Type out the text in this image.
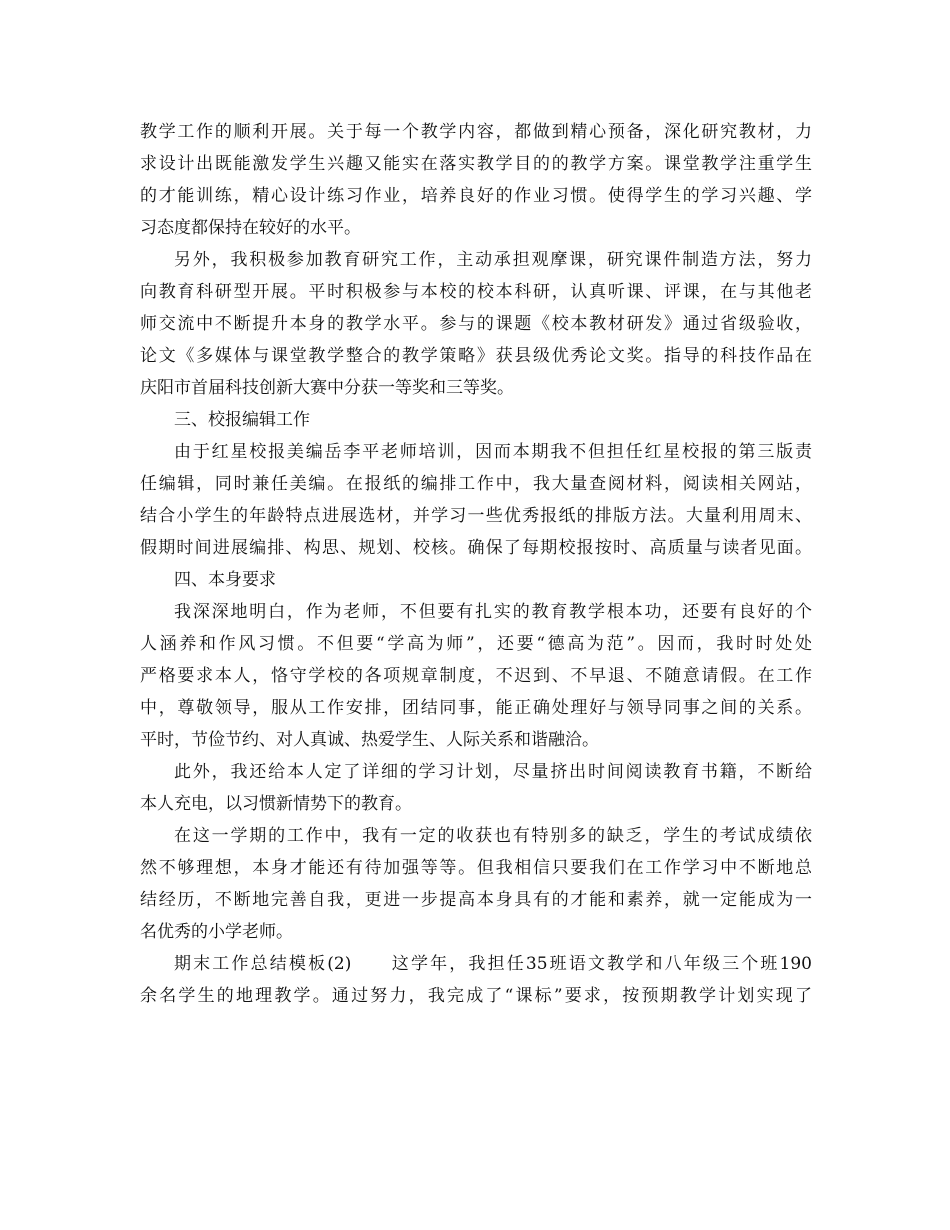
教学工作的顺利开展。关于每一个教学内容，都做到精心预备，深化研究教材，力
求设计出既能激发学生兴趣又能实在落实教学目的的教学方案。课堂教学注重学生
的才能训练，精心设计练习作业，培养良好的作业习惯。使得学生的学习兴趣、学
习态度都保持在较好的水平。
另外，我积极参加教育研究工作，主动承担观摩课，研究课件制造方法，努力
向教育科研型开展。平时积极参与本校的校本科研，认真听课、评课，在与其他老
师交流中不断提升本身的教学水平。参与的课题《校本教材研发》通过省级验收，
论文《多媒体与课堂教学整合的教学策略》获县级优秀论文奖。指导的科技作品在
庆阳市首届科技创新大赛中分获一等奖和三等奖。
三、校报编辑工作
由于红星校报美编岳李平老师培训，因而本期我不但担任红星校报的第三版责
任编辑，同时兼任美编。在报纸的编排工作中，我大量查阅材料，阅读相关网站，
结合小学生的年龄特点进展选材，并学习一些优秀报纸的排版方法。大量利用周末、
假期时间进展编排、构思、规划、校核。确保了每期校报按时、高质量与读者见面。
四、本身要求
我深深地明白，作为老师，不但要有扎实的教育教学根本功，还要有良好的个
人涵养和作风习惯。不但要“学高为师”，还要“德高为范”。因而，我时时处处
严格要求本人，恪守学校的各项规章制度，不迟到、不早退、不随意请假。在工作
中，尊敬领导，服从工作安排，团结同事，能正确处理好与领导同事之间的关系。
平时，节俭节约、对人真诚、热爱学生、人际关系和谐融洽。
此外，我还给本人定了详细的学习计划，尽量挤出时间阅读教育书籍，不断给
本人充电，以习惯新情势下的教育。
在这一学期的工作中，我有一定的收获也有特别多的缺乏，学生的考试成绩依
然不够理想，本身才能还有待加强等等。但我相信只要我们在工作学习中不断地总
结经历，不断地完善自我，更进一步提高本身具有的才能和素养，就一定能成为一
名优秀的小学老师。
期末工作总结模板(2)　　这学年，我担任35班语文教学和八年级三个班190
余名学生的地理教学。通过努力，我完成了“课标”要求，按预期教学计划实现了
